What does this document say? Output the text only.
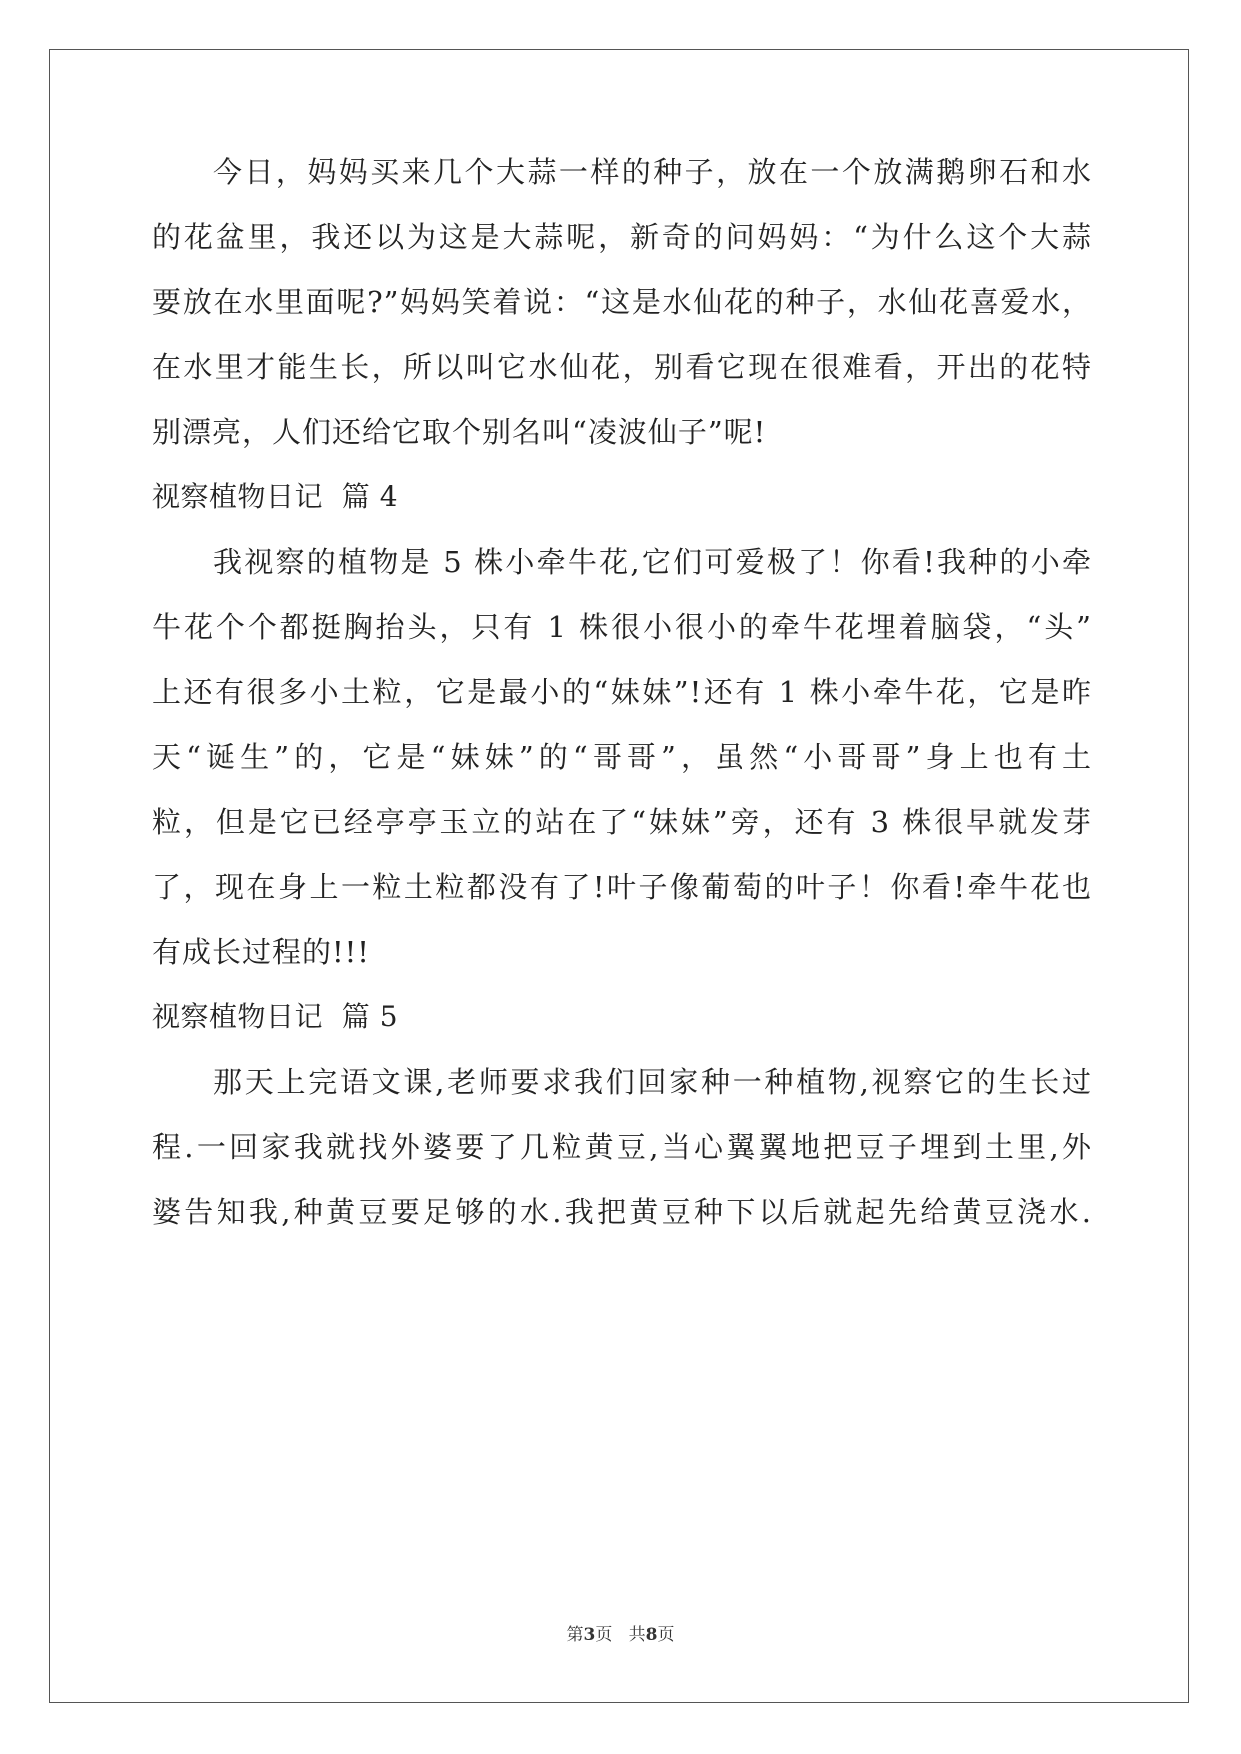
今日，妈妈买来几个大蒜一样的种子，放在一个放满鹅卵石和水
的花盆里，我还以为这是大蒜呢，新奇的问妈妈：“为什么这个大蒜
要放在水里面呢?”妈妈笑着说：“这是水仙花的种子，水仙花喜爱水，
在水里才能生长，所以叫它水仙花，别看它现在很难看，开出的花特
别漂亮，人们还给它取个别名叫“凌波仙子”呢!
视察植物日记  篇 4
我视察的植物是 5 株小牵牛花,它们可爱极了！你看!我种的小牵
牛花个个都挺胸抬头，只有 1 株很小很小的牵牛花埋着脑袋，“头”
上还有很多小土粒，它是最小的“妹妹”!还有 1 株小牵牛花，它是昨
天“诞生”的，它是“妹妹”的“哥哥”，虽然“小哥哥”身上也有土
粒，但是它已经亭亭玉立的站在了“妹妹”旁，还有 3 株很早就发芽
了，现在身上一粒土粒都没有了!叶子像葡萄的叶子！你看!牵牛花也
有成长过程的!!!
视察植物日记  篇 5
那天上完语文课,老师要求我们回家种一种植物,视察它的生长过
程.一回家我就找外婆要了几粒黄豆,当心翼翼地把豆子埋到土里,外
婆告知我,种黄豆要足够的水.我把黄豆种下以后就起先给黄豆浇水.
第3页   共8页
